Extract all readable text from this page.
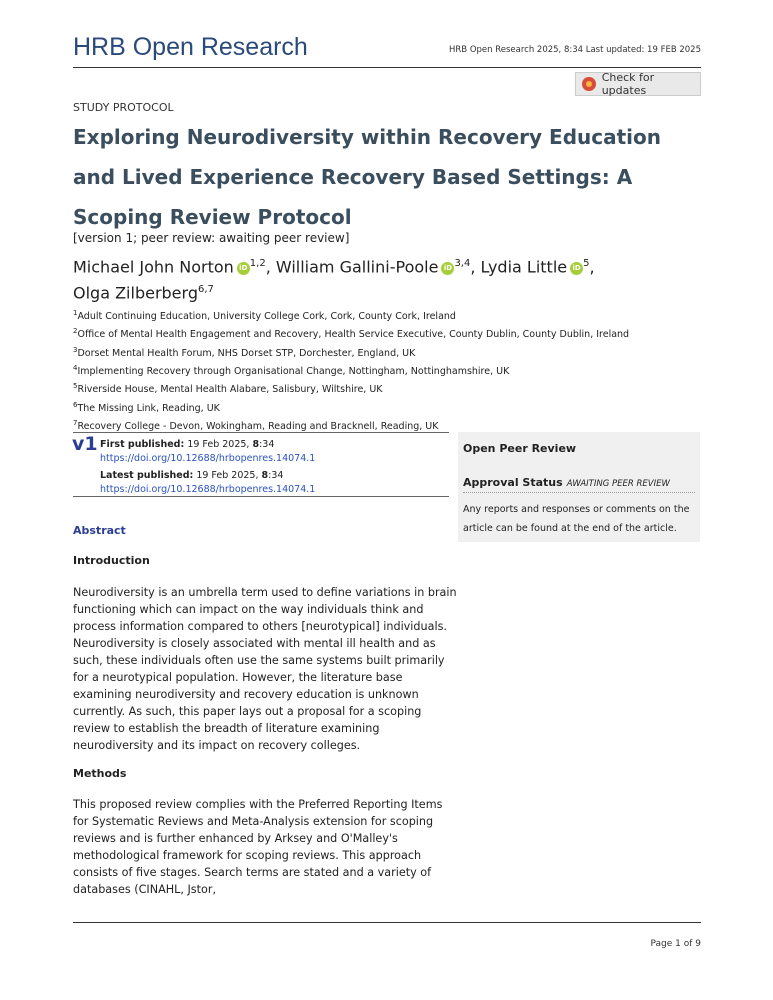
HRB Open Research	HRB Open Research 2025, 8:34 Last updated: 19 FEB 2025
Check for updates
STUDY PROTOCOL
Exploring Neurodiversity within Recovery Education and Lived Experience Recovery Based Settings: A Scoping Review Protocol
[version 1; peer review: awaiting peer review]
Michael John Norton iD $^{1,2}$, William Gallini-Poole iD $^{3,4}$, Lydia Little iD $^5$,
Olga Zilberberg$^{6,7}$
$^1$Adult Continuing Education, University College Cork, Cork, County Cork, Ireland
$^2$Office of Mental Health Engagement and Recovery, Health Service Executive, County Dublin, County Dublin, Ireland
$^3$Dorset Mental Health Forum, NHS Dorset STP, Dorchester, England, UK
$^4$Implementing Recovery through Organisational Change, Nottingham, Nottinghamshire, UK
$^5$Riverside House, Mental Health Alabare, Salisbury, Wiltshire, UK
$^6$The Missing Link, Reading, UK
$^7$Recovery College - Devon, Wokingham, Reading and Bracknell, Reading, UK
v1 First published: 19 Feb 2025, 8:34
https://doi.org/10.12688/hrbopenres.14074.1
Latest published: 19 Feb 2025, 8:34
https://doi.org/10.12688/hrbopenres.14074.1
Open Peer Review
Approval Status AWAITING PEER REVIEW
Any reports and responses or comments on the article can be found at the end of the article.
Abstract
Introduction
Neurodiversity is an umbrella term used to define variations in brain functioning which can impact on the way individuals think and process information compared to others [neurotypical] individuals. Neurodiversity is closely associated with mental ill health and as such, these individuals often use the same systems built primarily for a neurotypical population. However, the literature base examining neurodiversity and recovery education is unknown currently. As such, this paper lays out a proposal for a scoping review to establish the breadth of literature examining neurodiversity and its impact on recovery colleges.
Methods
This proposed review complies with the Preferred Reporting Items for Systematic Reviews and Meta-Analysis extension for scoping reviews and is further enhanced by Arksey and O'Malley's methodological framework for scoping reviews. This approach consists of five stages. Search terms are stated and a variety of databases (CINAHL, Jstor,
Page 1 of 9
